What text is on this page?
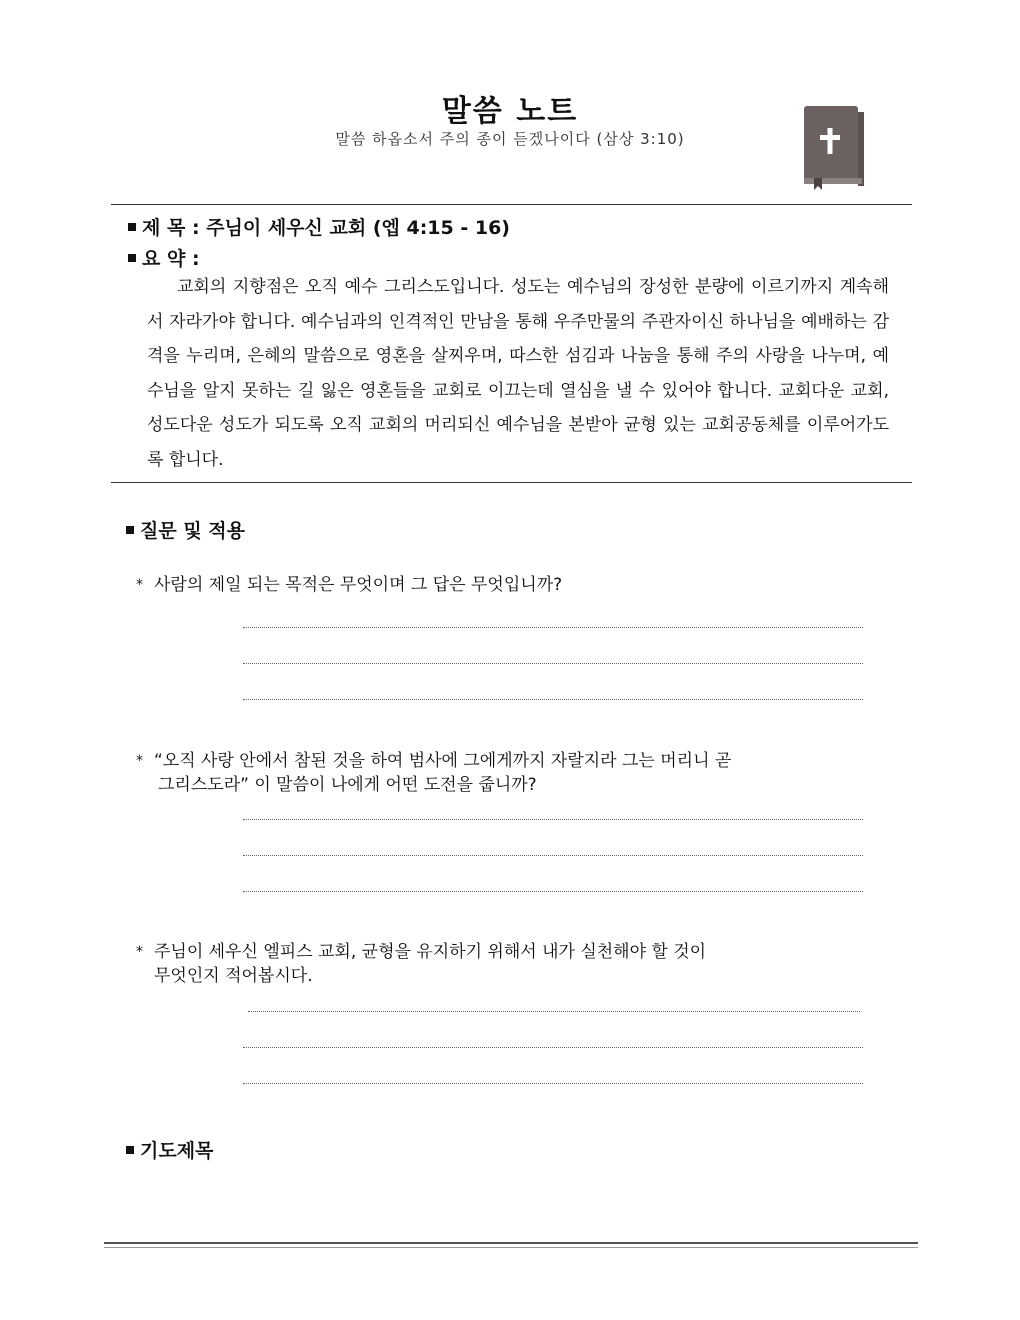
말씀 노트
말씀 하옵소서 주의 종이 듣겠나이다 (삼상 3:10)
제 목 : 주님이 세우신 교회 (엡 4:15 - 16)
요 약 :

교회의 지향점은 오직 예수 그리스도입니다. 성도는 예수님의 장성한 분량에 이르기까지 계속해서 자라가야 합니다. 예수님과의 인격적인 만남을 통해 우주만물의 주관자이신 하나님을 예배하는 감격을 누리며, 은혜의 말씀으로 영혼을 살찌우며, 따스한 섬김과 나눔을 통해 주의 사랑을 나누며, 예수님을 알지 못하는 길 잃은 영혼들을 교회로 이끄는데 열심을 낼 수 있어야 합니다. 교회다운 교회, 성도다운 성도가 되도록 오직 교회의 머리되신 예수님을 본받아 균형 있는 교회공동체를 이루어가도록 합니다.

질문 및 적용
* 사람의 제일 되는 목적은 무엇이며 그 답은 무엇입니까?
* “오직 사랑 안에서 참된 것을 하여 범사에 그에게까지 자랄지라 그는 머리니 곧
그리스도라” 이 말씀이 나에게 어떤 도전을 줍니까?
* 주님이 세우신 엘피스 교회, 균형을 유지하기 위해서 내가 실천해야 할 것이
무엇인지 적어봅시다.
기도제목
